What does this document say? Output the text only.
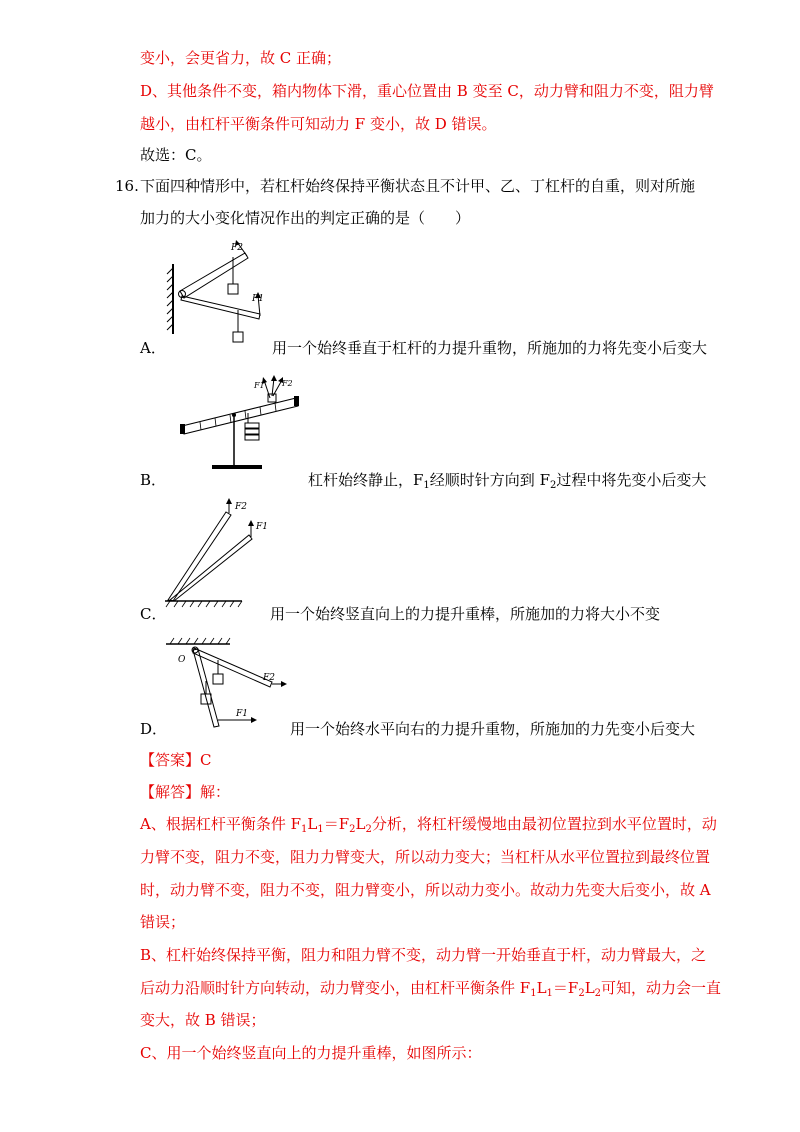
变小，会更省力，故 C 正确；
D、其他条件不变，箱内物体下滑，重心位置由 B 变至 C，动力臂和阻力不变，阻力臂
越小，由杠杆平衡条件可知动力 F 变小，故 D 错误。
故选：C。
16. 下面四种情形中，若杠杆始终保持平衡状态且不计甲、乙、丁杠杆的自重，则对所施
加力的大小变化情况作出的判定正确的是（　　）
F2
F1
A．	用一个始终垂直于杠杆的力提升重物，所施加的力将先变小后变大
F1 F2
B．	杠杆始终静止，$F_1$经顺时针方向到 $F_2$过程中将先变小后变大
F2
F1
C．	用一个始终竖直向上的力提升重棒，所施加的力将大小不变
F2
F1
O
D．	用一个始终水平向右的力提升重物，所施加的力先变小后变大
【答案】C
【解答】解：
A、根据杠杆平衡条件 $F_1L_1=F_2L_2$分析，将杠杆缓慢地由最初位置拉到水平位置时，动
力臂不变，阻力不变，阻力力臂变大，所以动力变大；当杠杆从水平位置拉到最终位置
时，动力臂不变，阻力不变，阻力臂变小，所以动力变小。故动力先变大后变小，故 A
错误；
B、杠杆始终保持平衡，阻力和阻力臂不变，动力臂一开始垂直于杆，动力臂最大，之
后动力沿顺时针方向转动，动力臂变小，由杠杆平衡条件 $F_1L_1=F_2L_2$可知，动力会一直
变大，故 B 错误；
C、用一个始终竖直向上的力提升重棒，如图所示：
